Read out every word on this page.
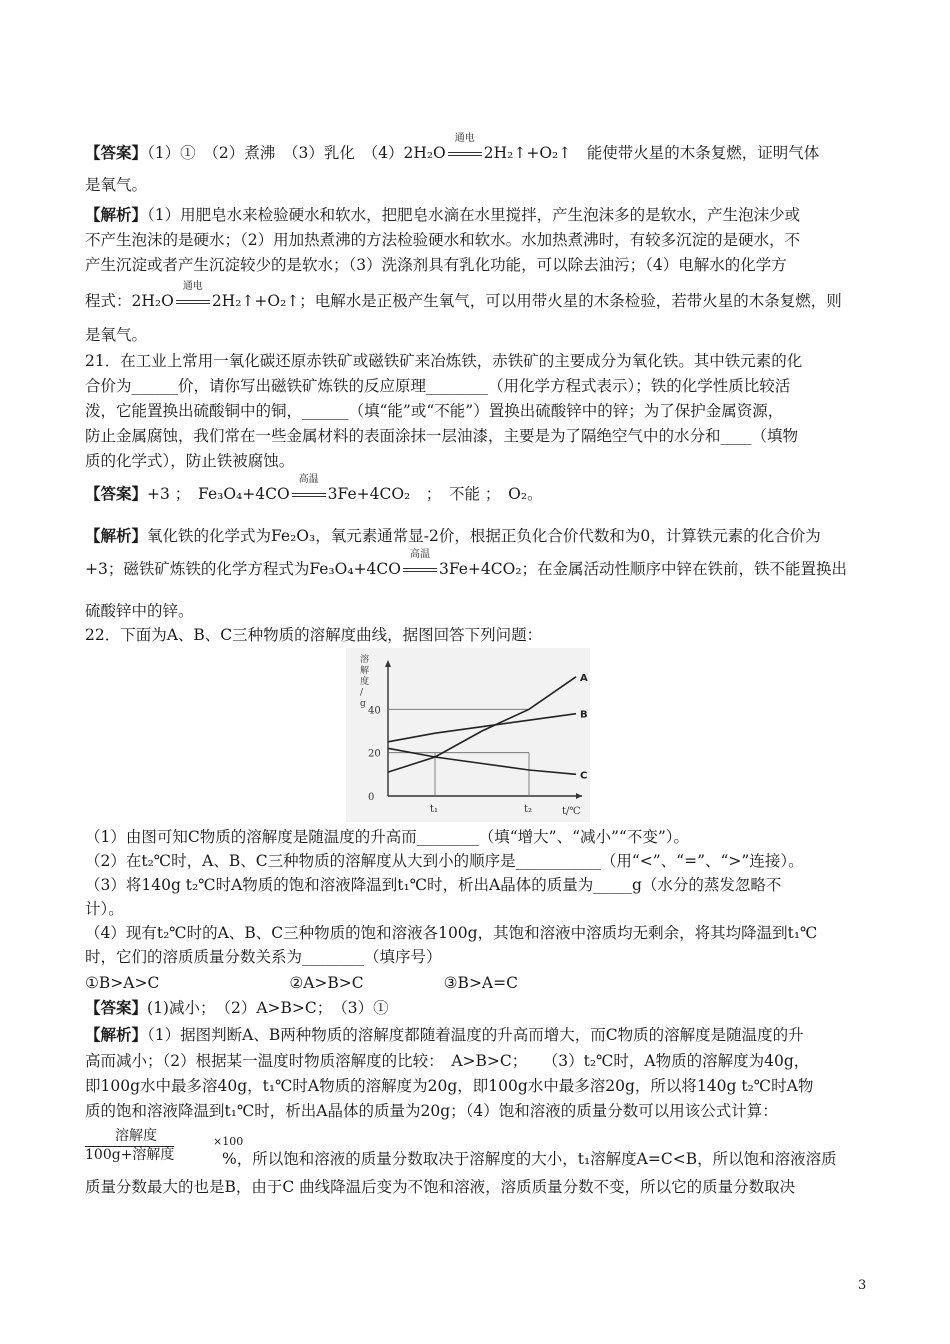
【答案】（1）①　（2）煮沸　（3）乳化　（4）2H₂O
通电
2H₂↑+O₂↑　能使带火星的木条复燃，证明气体
是氧气。
【解析】（1）用肥皂水来检验硬水和软水，把肥皂水滴在水里搅拌，产生泡沫多的是软水，产生泡沫少或
不产生泡沫的是硬水；（2）用加热煮沸的方法检验硬水和软水。水加热煮沸时，有较多沉淀的是硬水，不
产生沉淀或者产生沉淀较少的是软水；（3）洗涤剂具有乳化功能，可以除去油污；（4）电解水的化学方
程式：2H₂O
通电
2H₂↑+O₂↑；电解水是正极产生氧气，可以用带火星的木条检验，若带火星的木条复燃，则
是氧气。
21．在工业上常用一氧化碳还原赤铁矿或磁铁矿来冶炼铁，赤铁矿的主要成分为氧化铁。其中铁元素的化
合价为______价，请你写出磁铁矿炼铁的反应原理________（用化学方程式表示）；铁的化学性质比较活
泼，它能置换出硫酸铜中的铜，______（填“能”或“不能”）置换出硫酸锌中的锌；为了保护金属资源，
防止金属腐蚀，我们常在一些金属材料的表面涂抹一层油漆，主要是为了隔绝空气中的水分和____（填物
质的化学式），防止铁被腐蚀。
【答案】+3 ；　Fe₃O₄+4CO
高温
3Fe+4CO₂　；　不能 ；　O₂。
【解析】氧化铁的化学式为Fe₂O₃，氧元素通常显-2价，根据正负化合价代数和为0，计算铁元素的化合价为
+3；磁铁矿炼铁的化学方程式为Fe₃O₄+4CO
高温
3Fe+4CO₂；在金属活动性顺序中锌在铁前，铁不能置换出
硫酸锌中的锌。
22．下面为A、B、C三种物质的溶解度曲线，据图回答下列问题：
溶解度/ g
0
20
40
t₁	t₂	t/℃
A
B
C
（1）由图可知C物质的溶解度是随温度的升高而________（填“增大”、“减小”“不变”）。
（2）在t₂℃时，A、B、C三种物质的溶解度从大到小的顺序是___________（用“<”、“=”、“>”连接）。
（3）将140g t₂℃时A物质的饱和溶液降温到t₁℃时，析出A晶体的质量为_____g（水分的蒸发忽略不
计）。
（4）现有t₂℃时的A、B、C三种物质的饱和溶液各100g，其饱和溶液中溶质均无剩余，将其均降温到t₁℃
时，它们的溶质质量分数关系为________（填序号）
①B>A>C	②A>B>C	③B>A=C
【答案】(1)减小；　（2）A>B>C；　（3）①
【解析】（1）据图判断A、B两种物质的溶解度都随着温度的升高而增大，而C物质的溶解度是随温度的升
高而减小；（2）根据某一温度时物质溶解度的比较：　A>B>C；　　（3）t₂℃时，A物质的溶解度为40g，
即100g水中最多溶40g，t₁℃时A物质的溶解度为20g，即100g水中最多溶20g，所以将140g t₂℃时A物
质的饱和溶液降温到t₁℃时，析出A晶体的质量为20g；（4）饱和溶液的质量分数可以用该公式计算：
溶解度
100g+溶解度
×100
%，所以饱和溶液的质量分数取决于溶解度的大小，t₁溶解度A=C<B，所以饱和溶液溶质
质量分数最大的也是B，由于C 曲线降温后变为不饱和溶液，溶质质量分数不变，所以它的质量分数取决
3
